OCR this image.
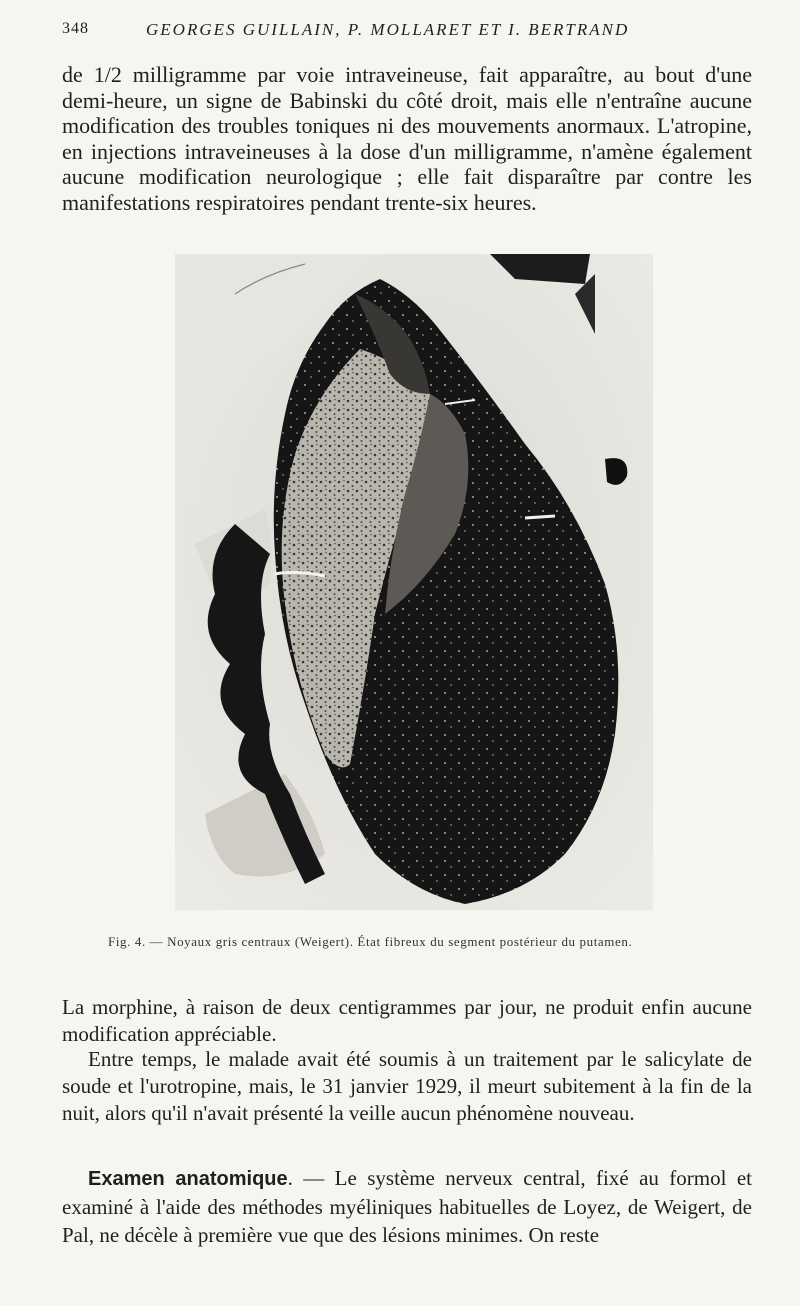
348	GEORGES GUILLAIN, P. MOLLARET ET I. BERTRAND

de 1/2 milligramme par voie intraveineuse, fait apparaître, au bout d'une demi-heure, un signe de Babinski du côté droit, mais elle n'entraîne aucune modification des troubles toniques ni des mouvements anormaux. L'atropine, en injections intraveineuses à la dose d'un milligramme, n'amène également aucune modification neurologique ; elle fait disparaître par contre les manifestations respiratoires pendant trente-six heures.

Fig. 4. — Noyaux gris centraux (Weigert). État fibreux du segment postérieur du putamen.

La morphine, à raison de deux centigrammes par jour, ne produit enfin aucune modification appréciable.

Entre temps, le malade avait été soumis à un traitement par le salicylate de soude et l'urotropine, mais, le 31 janvier 1929, il meurt subitement à la fin de la nuit, alors qu'il n'avait présenté la veille aucun phénomène nouveau.

Examen anatomique. — Le système nerveux central, fixé au formol et examiné à l'aide des méthodes myéliniques habituelles de Loyez, de Weigert, de Pal, ne décèle à première vue que des lésions minimes. On reste
